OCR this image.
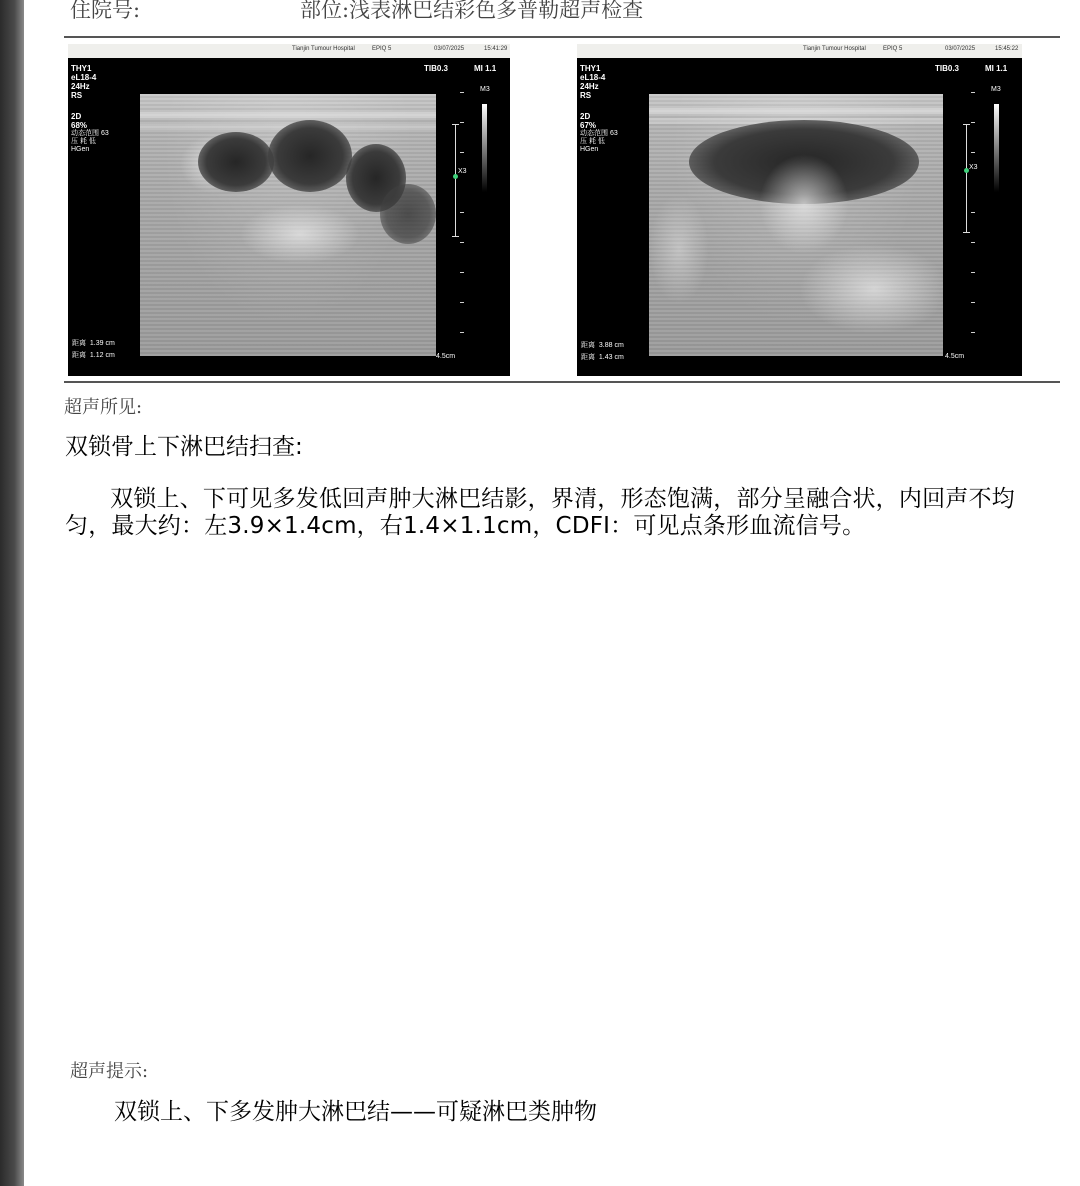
住院号:	部位:浅表淋巴结彩色多普勒超声检查
Tianjin Tumour Hospital	EPIQ 5	03/07/2025	15:41:29
THY1
eL18-4
24Hz
RS
2D
68%
动态范围 63
压 耗 低
HGen
TIB0.3	MI 1.1
M3
X3
距离 1.39 cm
距离 1.12 cm	4.5cm
Tianjin Tumour Hospital	EPIQ 5	03/07/2025	15:45:22
THY1
eL18-4
24Hz
RS
2D
67%
动态范围 63
压 耗 低
HGen
TIB0.3	MI 1.1
M3
X3
距离 3.88 cm
距离 1.43 cm	4.5cm
超声所见:
双锁骨上下淋巴结扫查:
双锁上、下可见多发低回声肿大淋巴结影，界清，形态饱满，部分呈融合状，内回声不均匀，最大约：左3.9×1.4cm，右1.4×1.1cm，CDFI：可见点条形血流信号。
超声提示:
双锁上、下多发肿大淋巴结——可疑淋巴类肿物
